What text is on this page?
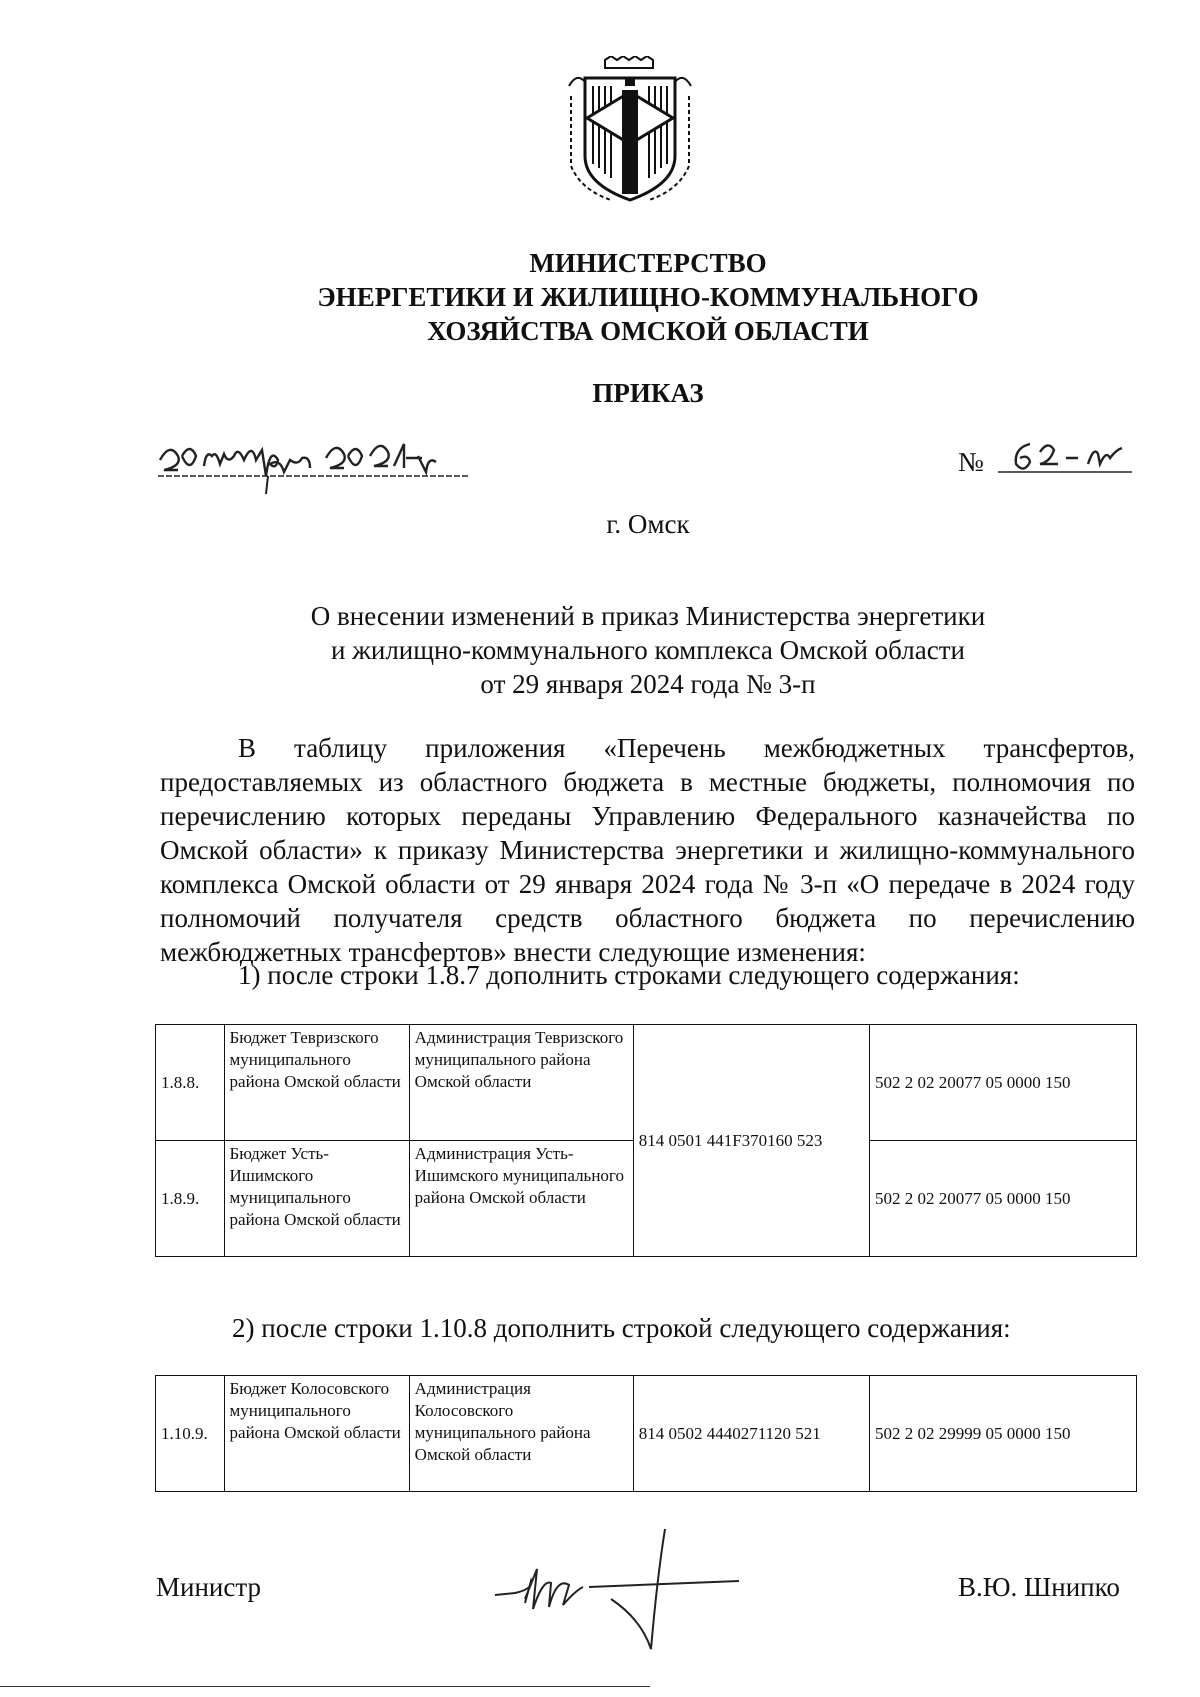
МИНИСТЕРСТВО
ЭНЕРГЕТИКИ И ЖИЛИЩНО-КОММУНАЛЬНОГО
ХОЗЯЙСТВА ОМСКОЙ ОБЛАСТИ
ПРИКАЗ
№
г. Омск
О внесении изменений в приказ Министерства энергетики
и жилищно-коммунального комплекса Омской области
от 29 января 2024 года № 3-п

В таблицу приложения «Перечень межбюджетных трансфертов, предоставляемых из областного бюджета в местные бюджеты, полномочия по перечислению которых переданы Управлению Федерального казначейства по Омской области» к приказу Министерства энергетики и жилищно-коммунального комплекса Омской области от 29 января 2024 года № 3-п «О передаче в 2024 году полномочий получателя средств областного бюджета по перечислению межбюджетных трансфертов» внести следующие изменения:

1) после строки 1.8.7 дополнить строками следующего содержания:
1.8.8.	Бюджет Тевризского муниципального района Омской области	Администрация Тевризского муниципального района Омской области	814 0501 441F370160 523	502 2 02 20077 05 0000 150
1.8.9.	Бюджет Усть-Ишимского муниципального района Омской области	Администрация Усть-Ишимского муниципального района Омской области		502 2 02 20077 05 0000 150
2) после строки 1.10.8 дополнить строкой следующего содержания:
1.10.9.	Бюджет Колосовского муниципального района Омской области	Администрация Колосовского муниципального района Омской области	814 0502 4440271120 521	502 2 02 29999 05 0000 150
Министр	В.Ю. Шнипко
